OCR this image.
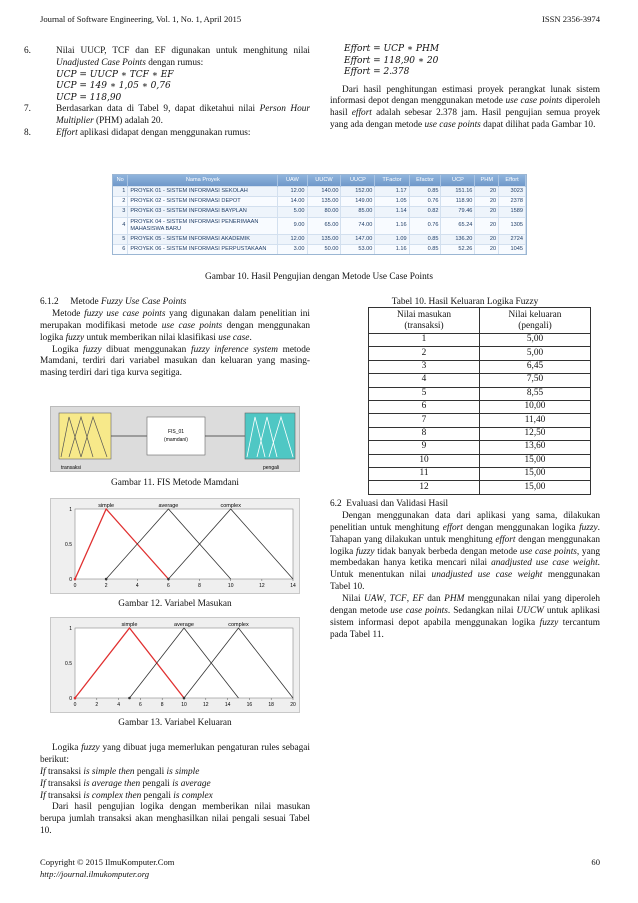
Journal of Software Engineering, Vol. 1, No. 1, April 2015	ISSN 2356-3974
6.	Nilai UUCP, TCF dan EF digunakan untuk menghitung nilai Unadjusted Case Points dengan rumus:
UCP = UUCP ∗ TCF ∗ EF
UCP = 149 ∗ 1,05 ∗ 0,76
UCP = 118,90
7.	Berdasarkan data di Tabel 9, dapat diketahui nilai Person Hour Multiplier (PHM) adalah 20.
8.	Effort aplikasi didapat dengan menggunakan rumus:
Effort = UCP ∗ PHM
Effort = 118,90 ∗ 20
Effort = 2.378
Dari hasil penghitungan estimasi proyek perangkat lunak sistem informasi depot dengan menggunakan metode use case points diperoleh hasil effort adalah sebesar 2.378 jam. Hasil pengujian semua proyek yang ada dengan metode use case points dapat dilihat pada Gambar 10.
No	Nama Proyek	UAW	UUCW	UUCP	TFactor	Efactor	UCP	PHM	Effort
1	PROYEK 01 - SISTEM INFORMASI SEKOLAH	12.00	140.00	152.00	1.17	0.85	151.16	20	3023
2	PROYEK 02 - SISTEM INFORMASI DEPOT	14.00	135.00	149.00	1.05	0.76	118.90	20	2378
3	PROYEK 03 - SISTEM INFORMASI BAYPLAN	5.00	80.00	85.00	1.14	0.82	79.46	20	1589
4	PROYEK 04 - SISTEM INFORMASI PENERIMAAN MAHASISWA BARU	9.00	65.00	74.00	1.16	0.76	65.24	20	1305
5	PROYEK 05 - SISTEM INFORMASI AKADEMIK	12.00	135.00	147.00	1.09	0.85	136.20	20	2724
6	PROYEK 06 - SISTEM INFORMASI PERPUSTAKAAN	3.00	50.00	53.00	1.16	0.85	52.26	20	1045
Gambar 10. Hasil Pengujian dengan Metode Use Case Points
6.1.2 Metode Fuzzy Use Case Points
Metode fuzzy use case points yang digunakan dalam penelitian ini merupakan modifikasi metode use case points dengan menggunakan logika fuzzy untuk memberikan nilai klasifikasi use case.
Logika fuzzy dibuat menggunakan fuzzy inference system metode Mamdani, terdiri dari variabel masukan dan keluaran yang masing-masing terdiri dari tiga kurva segitiga.
transaksi
FIS_01
(mamdani)
pengali
Gambar 11. FIS Metode Mamdani
0	2	4	6	8	10	12	14
0
0.5
1
simple	average	complex
Gambar 12. Variabel Masukan
0	2	4	6	8	10	12	14	16	18	20
0
0.5
1
simple	average	complex
Gambar 13. Variabel Keluaran
Logika fuzzy yang dibuat juga memerlukan pengaturan rules sebagai berikut:
If transaksi is simple then pengali is simple
If transaksi is average then pengali is average
If transaksi is complex then pengali is complex
Dari hasil pengujian logika dengan memberikan nilai masukan berupa jumlah transaksi akan menghasilkan nilai pengali sesuai Tabel 10.
Tabel 10. Hasil Keluaran Logika Fuzzy
Nilai masukan
(transaksi)	Nilai keluaran
(pengali)
1	5,00
2	5,00
3	6,45
4	7,50
5	8,55
6	10,00
7	11,40
8	12,50
9	13,60
10	15,00
11	15,00
12	15,00
6.2 Evaluasi dan Validasi Hasil
Dengan menggunakan data dari aplikasi yang sama, dilakukan penelitian untuk menghitung effort dengan menggunakan logika fuzzy. Tahapan yang dilakukan untuk menghitung effort dengan menggunakan logika fuzzy tidak banyak berbeda dengan metode use case points, yang membedakan hanya ketika mencari nilai anadjusted use case weight. Untuk menentukan nilai unadjusted use case weight menggunakan Tabel 10.
Nilai UAW, TCF, EF dan PHM menggunakan nilai yang diperoleh dengan metode use case points. Sedangkan nilai UUCW untuk aplikasi sistem informasi depot apabila menggunakan logika fuzzy tercantum pada Tabel 11.
Copyright © 2015 IlmuKomputer.Com
http://journal.ilmukomputer.org
60
